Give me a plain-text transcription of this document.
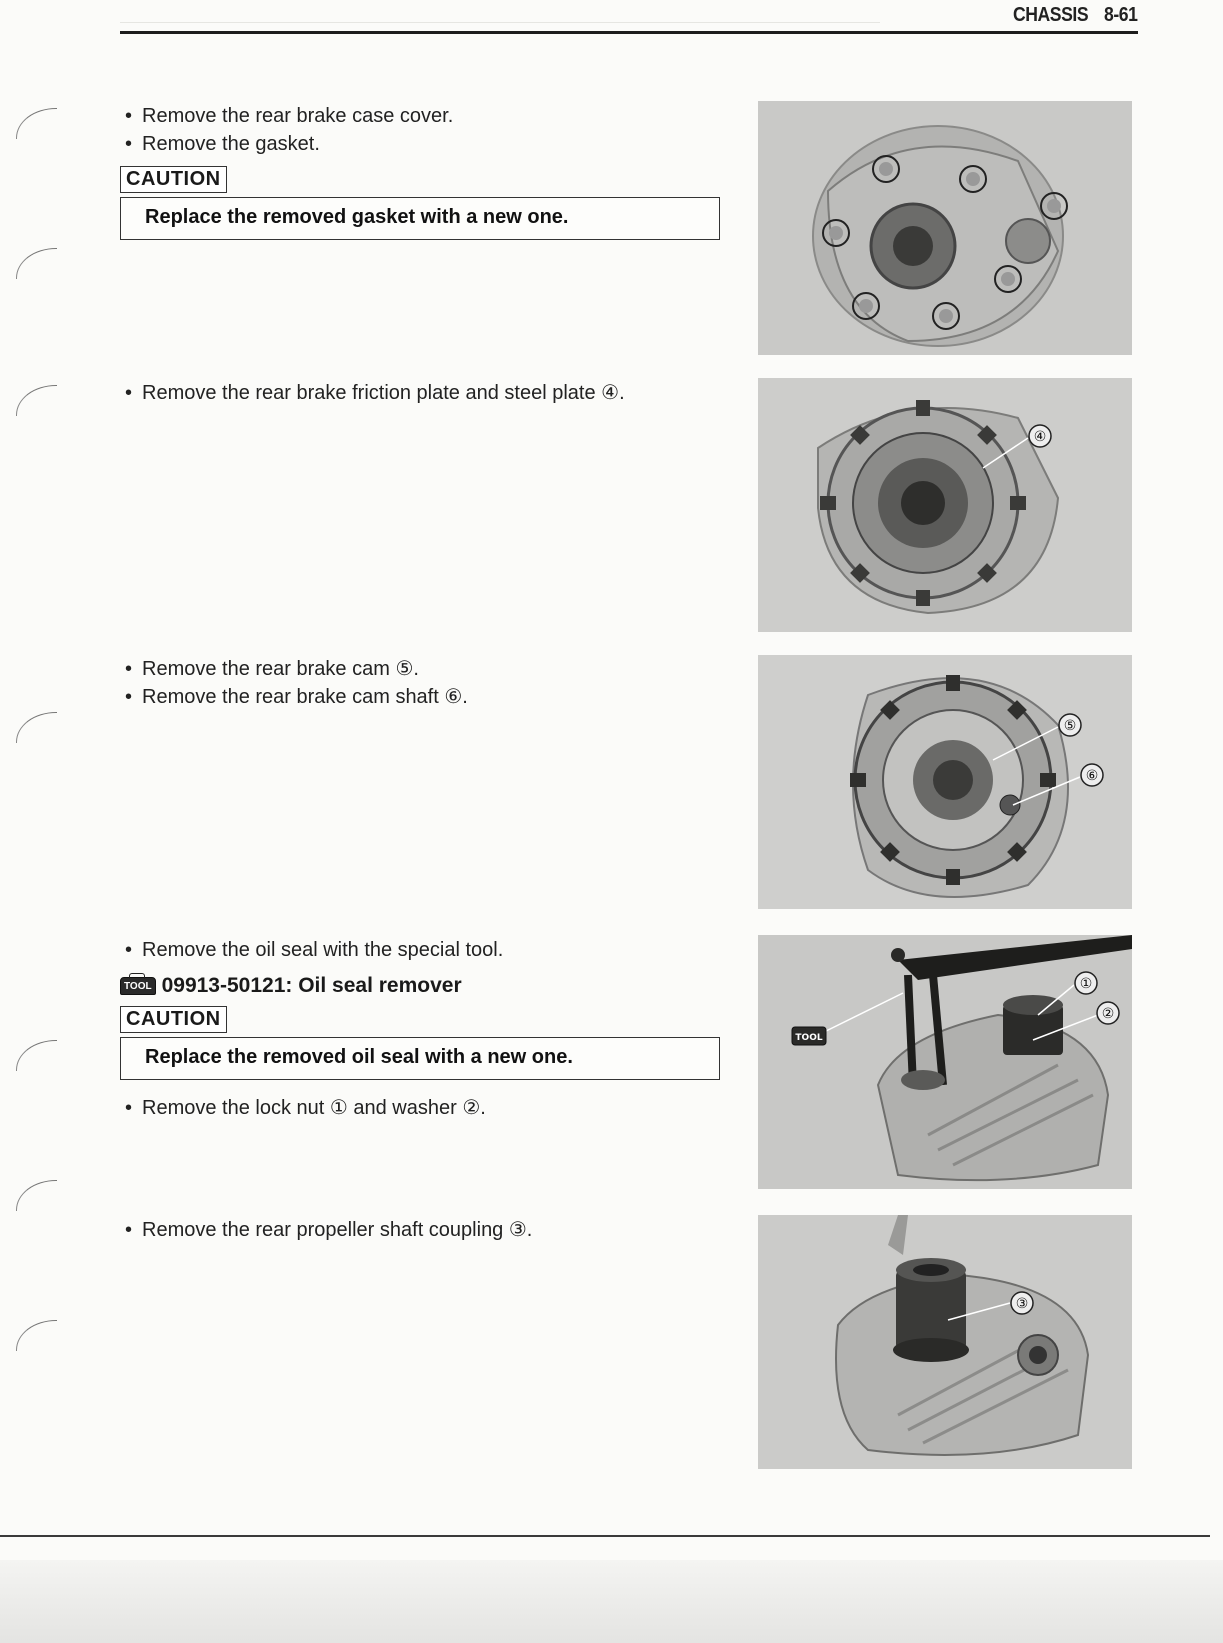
CHASSIS 8-61
• Remove the rear brake case cover.
• Remove the gasket.
CAUTION
Replace the removed gasket with a new one.
• Remove the rear brake friction plate and steel plate ④.
④
• Remove the rear brake cam ⑤.
• Remove the rear brake cam shaft ⑥.
⑤
⑥
• Remove the oil seal with the special tool.
TOOL 09913-50121: Oil seal remover
CAUTION
Replace the removed oil seal with a new one.
• Remove the lock nut ① and washer ②.
①
②
TOOL
• Remove the rear propeller shaft coupling ③.
③
